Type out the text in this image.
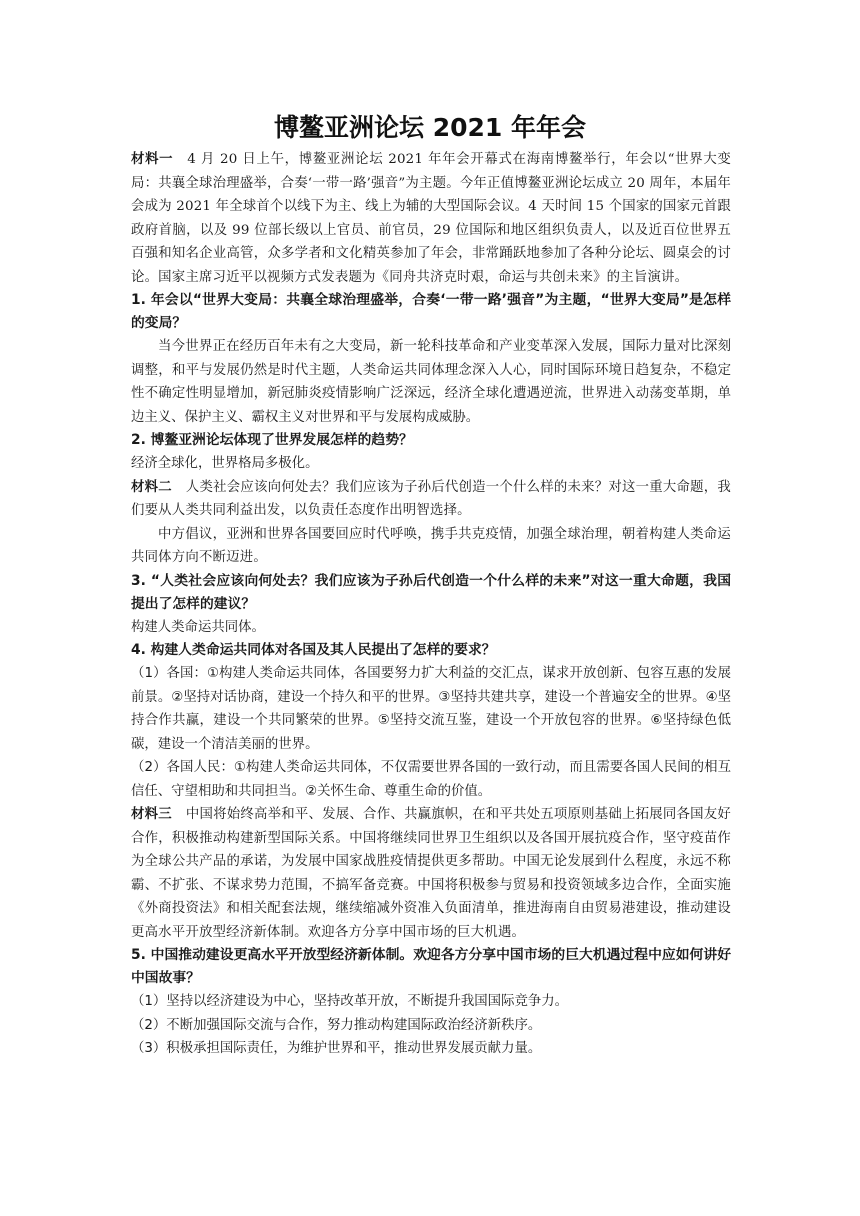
博鳌亚洲论坛 2021 年年会

材料一 4 月 20 日上午，博鳌亚洲论坛 2021 年年会开幕式在海南博鳌举行，年会以“世界大变局：共襄全球治理盛举，合奏‘一带一路’强音”为主题。今年正值博鳌亚洲论坛成立 20 周年，本届年会成为 2021 年全球首个以线下为主、线上为辅的大型国际会议。4 天时间 15 个国家的国家元首跟政府首脑，以及 99 位部长级以上官员、前官员，29 位国际和地区组织负责人，以及近百位世界五百强和知名企业高管，众多学者和文化精英参加了年会，非常踊跃地参加了各种分论坛、圆桌会的讨论。国家主席习近平以视频方式发表题为《同舟共济克时艰，命运与共创未来》的主旨演讲。

1. 年会以“世界大变局：共襄全球治理盛举，合奏‘一带一路’强音”为主题，“世界大变局”是怎样的变局？

当今世界正在经历百年未有之大变局，新一轮科技革命和产业变革深入发展，国际力量对比深刻调整，和平与发展仍然是时代主题，人类命运共同体理念深入人心，同时国际环境日趋复杂，不稳定性不确定性明显增加，新冠肺炎疫情影响广泛深远，经济全球化遭遇逆流，世界进入动荡变革期，单边主义、保护主义、霸权主义对世界和平与发展构成威胁。

2. 博鳌亚洲论坛体现了世界发展怎样的趋势？

经济全球化，世界格局多极化。

材料二 人类社会应该向何处去？我们应该为子孙后代创造一个什么样的未来？对这一重大命题，我们要从人类共同利益出发，以负责任态度作出明智选择。

中方倡议，亚洲和世界各国要回应时代呼唤，携手共克疫情，加强全球治理，朝着构建人类命运共同体方向不断迈进。

3. “人类社会应该向何处去？我们应该为子孙后代创造一个什么样的未来”对这一重大命题，我国提出了怎样的建议？

构建人类命运共同体。

4. 构建人类命运共同体对各国及其人民提出了怎样的要求？

（1）各国：①构建人类命运共同体，各国要努力扩大利益的交汇点，谋求开放创新、包容互惠的发展前景。②坚持对话协商，建设一个持久和平的世界。③坚持共建共享，建设一个普遍安全的世界。④坚持合作共赢，建设一个共同繁荣的世界。⑤坚持交流互鉴，建设一个开放包容的世界。⑥坚持绿色低碳，建设一个清洁美丽的世界。

（2）各国人民：①构建人类命运共同体，不仅需要世界各国的一致行动，而且需要各国人民间的相互信任、守望相助和共同担当。②关怀生命、尊重生命的价值。

材料三 中国将始终高举和平、发展、合作、共赢旗帜，在和平共处五项原则基础上拓展同各国友好合作，积极推动构建新型国际关系。中国将继续同世界卫生组织以及各国开展抗疫合作，坚守疫苗作为全球公共产品的承诺，为发展中国家战胜疫情提供更多帮助。中国无论发展到什么程度，永远不称霸、不扩张、不谋求势力范围，不搞军备竞赛。中国将积极参与贸易和投资领域多边合作，全面实施《外商投资法》和相关配套法规，继续缩减外资准入负面清单，推进海南自由贸易港建设，推动建设更高水平开放型经济新体制。欢迎各方分享中国市场的巨大机遇。

5. 中国推动建设更高水平开放型经济新体制。欢迎各方分享中国市场的巨大机遇过程中应如何讲好中国故事？

（1）坚持以经济建设为中心，坚持改革开放，不断提升我国国际竞争力。

（2）不断加强国际交流与合作，努力推动构建国际政治经济新秩序。

（3）积极承担国际责任，为维护世界和平，推动世界发展贡献力量。
